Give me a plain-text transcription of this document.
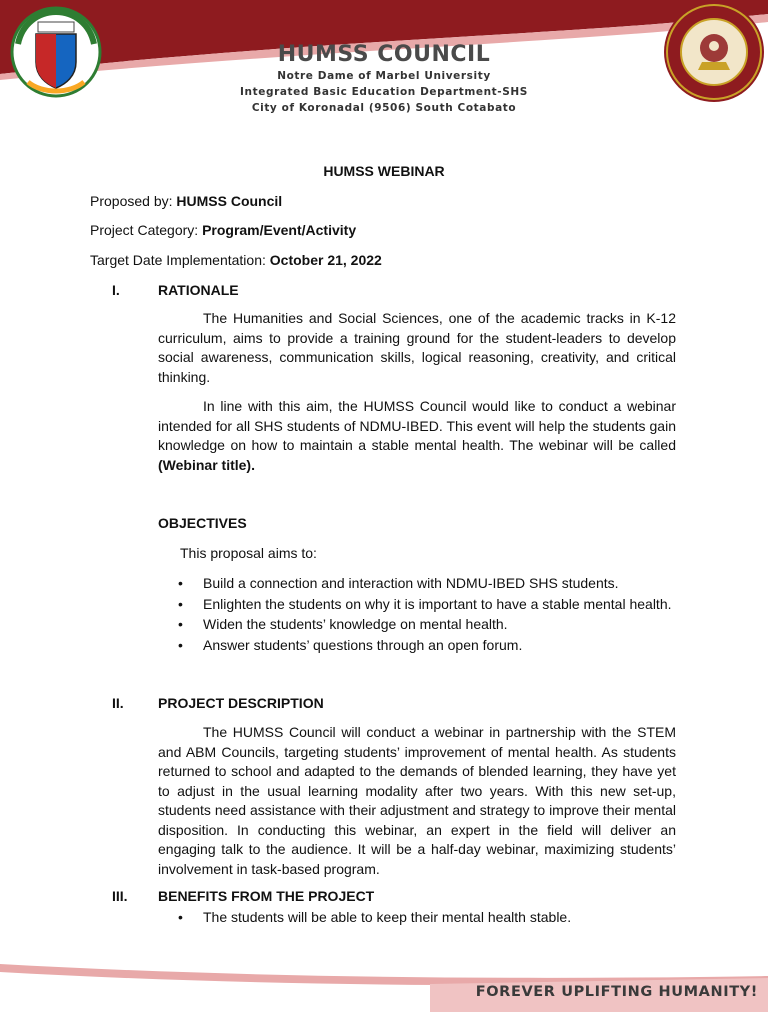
HUMSS COUNCIL
Notre Dame of Marbel University
Integrated Basic Education Department-SHS
City of Koronadal (9506) South Cotabato
HUMSS WEBINAR
Proposed by: HUMSS Council
Project Category: Program/Event/Activity
Target Date Implementation: October 21, 2022
I.	RATIONALE
The Humanities and Social Sciences, one of the academic tracks in K-12 curriculum, aims to provide a training ground for the student-leaders to develop social awareness, communication skills, logical reasoning, creativity, and critical thinking.
In line with this aim, the HUMSS Council would like to conduct a webinar intended for all SHS students of NDMU-IBED. This event will help the students gain knowledge on how to maintain a stable mental health. The webinar will be called (Webinar title).
OBJECTIVES
This proposal aims to:
• Build a connection and interaction with NDMU-IBED SHS students.
• Enlighten the students on why it is important to have a stable mental health.
• Widen the students’ knowledge on mental health.
• Answer students’ questions through an open forum.
II. PROJECT DESCRIPTION
The HUMSS Council will conduct a webinar in partnership with the STEM and ABM Councils, targeting students’ improvement of mental health. As students returned to school and adapted to the demands of blended learning, they have yet to adjust in the usual learning modality after two years. With this new set-up, students need assistance with their adjustment and strategy to improve their mental disposition. In conducting this webinar, an expert in the field will deliver an engaging talk to the audience. It will be a half-day webinar, maximizing students’ involvement in task-based program.
III. BENEFITS FROM THE PROJECT
• The students will be able to keep their mental health stable.
FOREVER UPLIFTING HUMANITY!
